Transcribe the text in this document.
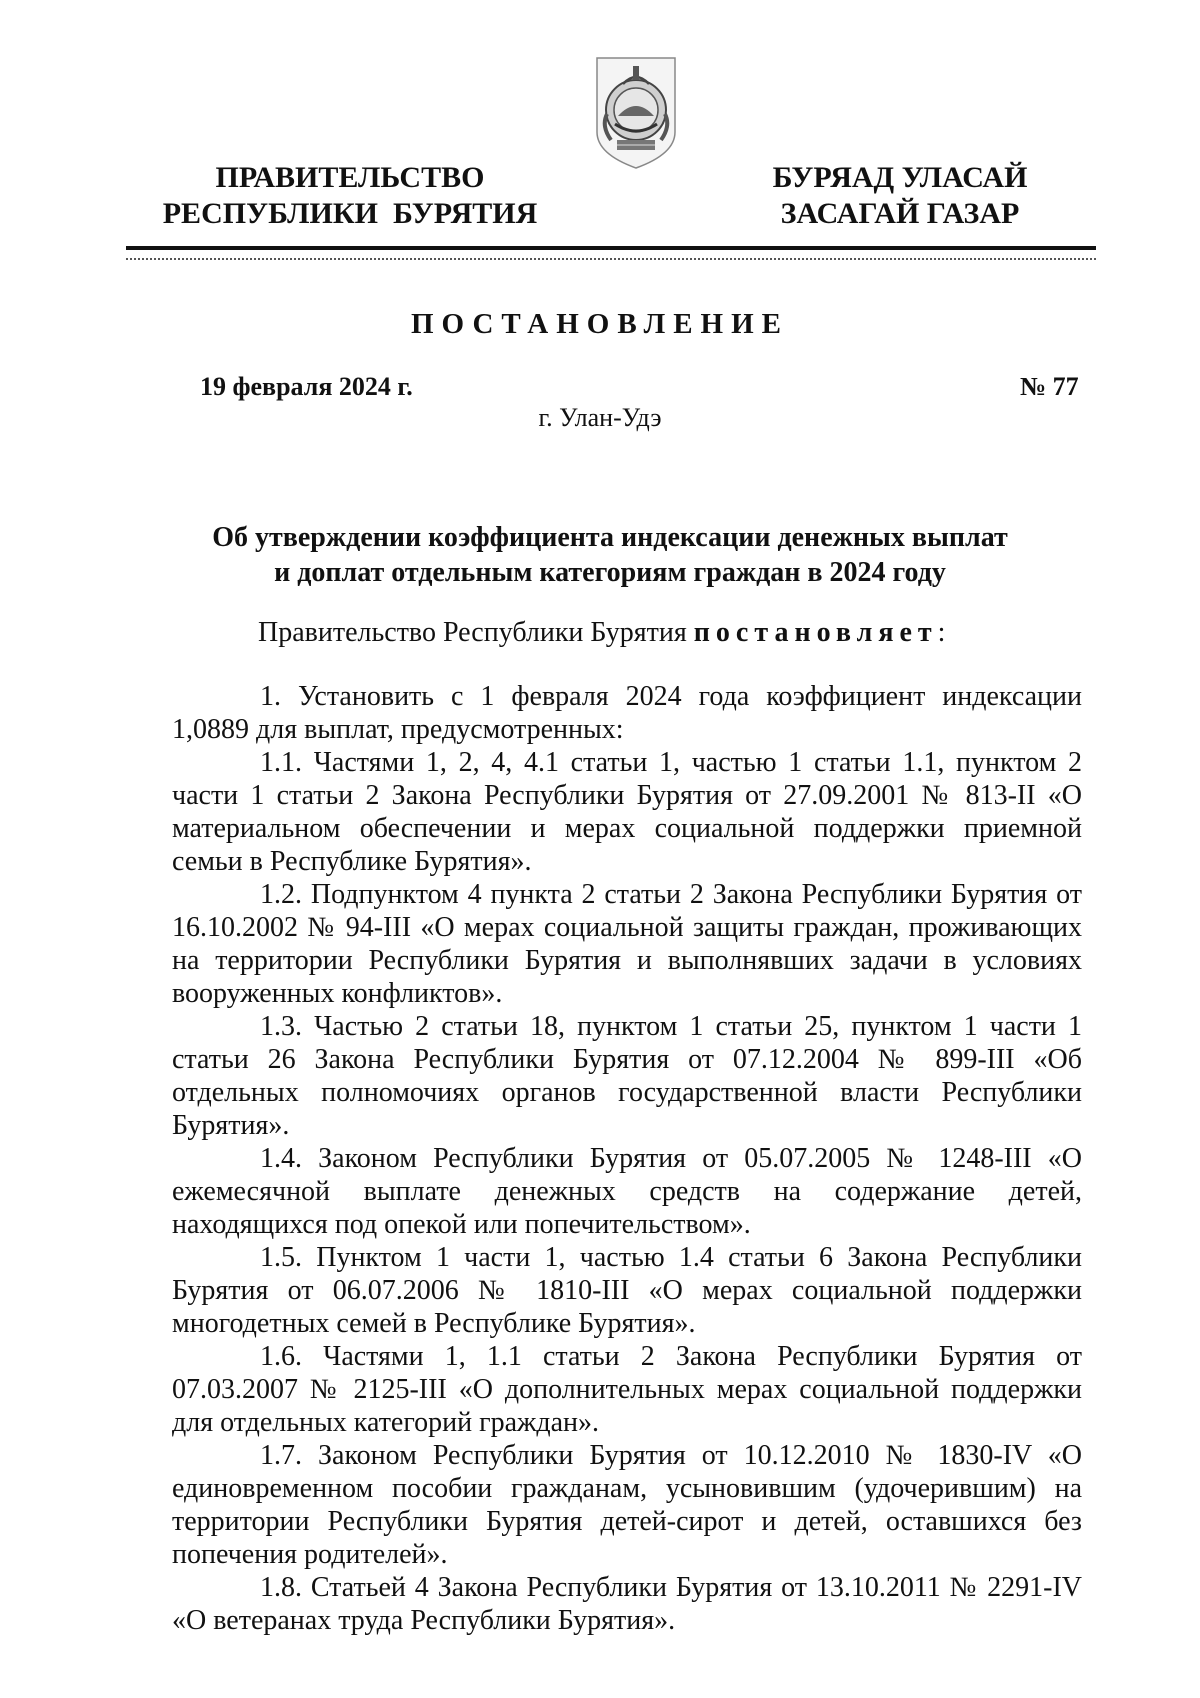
ПРАВИТЕЛЬСТВО
РЕСПУБЛИКИ  БУРЯТИЯ
БУРЯАД УЛАСАЙ
ЗАСАГАЙ ГАЗАР
ПОСТАНОВЛЕНИЕ
19 февраля 2024 г.	№ 77
г. Улан-Удэ
Об утверждении коэффициента индексации денежных выплат
и доплат отдельным категориям граждан в 2024 году
Правительство Республики Бурятия постановляет:

1. Установить с 1 февраля 2024 года коэффициент индексации 1,0889 для выплат, предусмотренных:

1.1. Частями 1, 2, 4, 4.1 статьи 1, частью 1 статьи 1.1, пунктом 2 части 1 статьи 2 Закона Республики Бурятия от 27.09.2001 № 813-II «О материальном обеспечении и мерах социальной поддержки приемной семьи в Республике Бурятия».

1.2. Подпунктом 4 пункта 2 статьи 2 Закона Республики Бурятия от 16.10.2002 № 94-III «О мерах социальной защиты граждан, проживающих на территории Республики Бурятия и выполнявших задачи в условиях вооруженных конфликтов».

1.3. Частью 2 статьи 18, пунктом 1 статьи 25, пунктом 1 части 1 статьи 26 Закона Республики Бурятия от 07.12.2004 № 899-III «Об отдельных полномочиях органов государственной власти Республики Бурятия».

1.4. Законом Республики Бурятия от 05.07.2005 № 1248-III «О ежемесячной выплате денежных средств на содержание детей, находящихся под опекой или попечительством».

1.5. Пунктом 1 части 1, частью 1.4 статьи 6 Закона Республики Бурятия от 06.07.2006 № 1810-III «О мерах социальной поддержки многодетных семей в Республике Бурятия».

1.6. Частями 1, 1.1 статьи 2 Закона Республики Бурятия от 07.03.2007 № 2125-III «О дополнительных мерах социальной поддержки для отдельных категорий граждан».

1.7. Законом Республики Бурятия от 10.12.2010 № 1830-IV «О единовременном пособии гражданам, усыновившим (удочерившим) на территории Республики Бурятия детей-сирот и детей, оставшихся без попечения родителей».

1.8. Статьей 4 Закона Республики Бурятия от 13.10.2011 № 2291-IV «О ветеранах труда Республики Бурятия».
